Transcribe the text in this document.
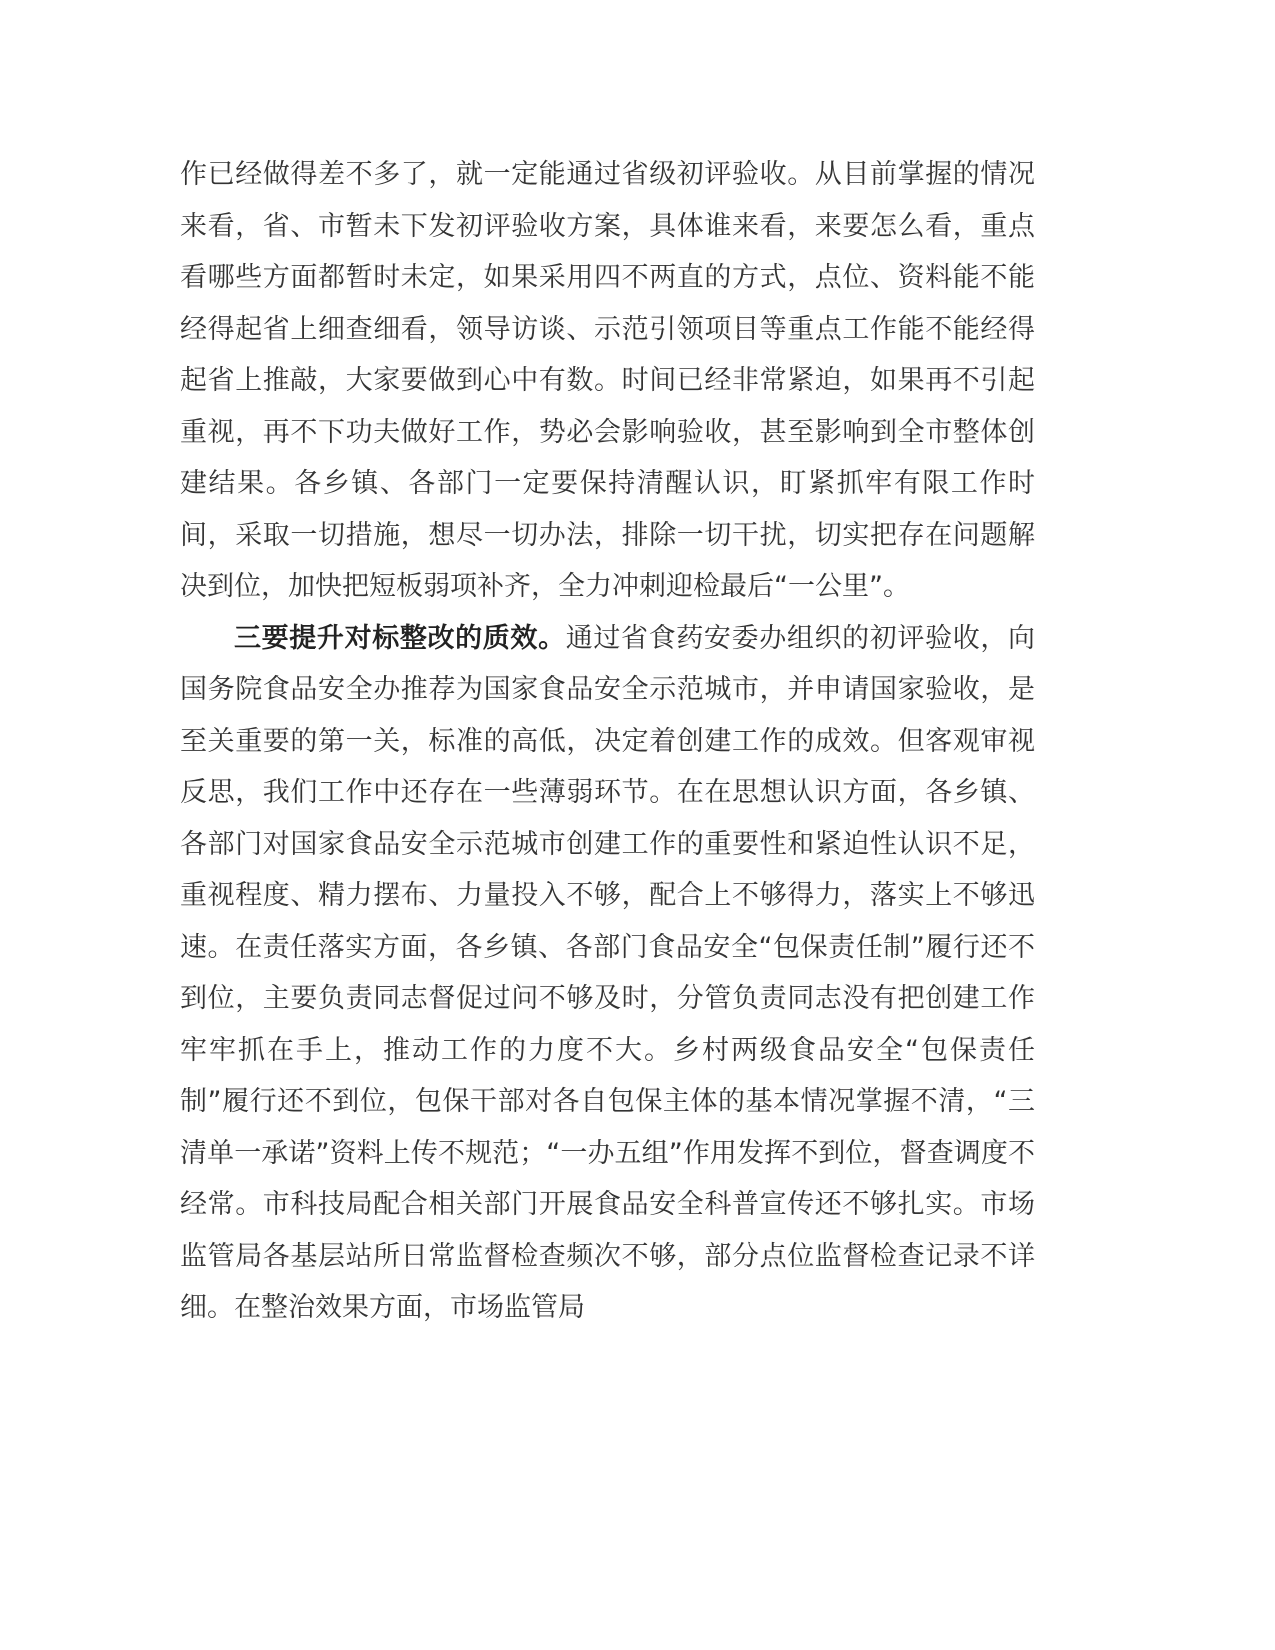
作已经做得差不多了，就一定能通过省级初评验收。从目前掌握的情况来看，省、市暂未下发初评验收方案，具体谁来看，来要怎么看，重点看哪些方面都暂时未定，如果采用四不两直的方式，点位、资料能不能经得起省上细查细看，领导访谈、示范引领项目等重点工作能不能经得起省上推敲，大家要做到心中有数。时间已经非常紧迫，如果再不引起重视，再不下功夫做好工作，势必会影响验收，甚至影响到全市整体创建结果。各乡镇、各部门一定要保持清醒认识，盯紧抓牢有限工作时间，采取一切措施，想尽一切办法，排除一切干扰，切实把存在问题解决到位，加快把短板弱项补齐，全力冲刺迎检最后“一公里”。

三要提升对标整改的质效。通过省食药安委办组织的初评验收，向国务院食品安全办推荐为国家食品安全示范城市，并申请国家验收，是至关重要的第一关，标准的高低，决定着创建工作的成效。但客观审视反思，我们工作中还存在一些薄弱环节。在在思想认识方面，各乡镇、各部门对国家食品安全示范城市创建工作的重要性和紧迫性认识不足，重视程度、精力摆布、力量投入不够，配合上不够得力，落实上不够迅速。在责任落实方面，各乡镇、各部门食品安全“包保责任制”履行还不到位，主要负责同志督促过问不够及时，分管负责同志没有把创建工作牢牢抓在手上，推动工作的力度不大。乡村两级食品安全“包保责任制”履行还不到位，包保干部对各自包保主体的基本情况掌握不清，“三清单一承诺”资料上传不规范；“一办五组”作用发挥不到位，督查调度不经常。市科技局配合相关部门开展食品安全科普宣传还不够扎实。市场监管局各基层站所日常监督检查频次不够，部分点位监督检查记录不详细。在整治效果方面，市场监管局
